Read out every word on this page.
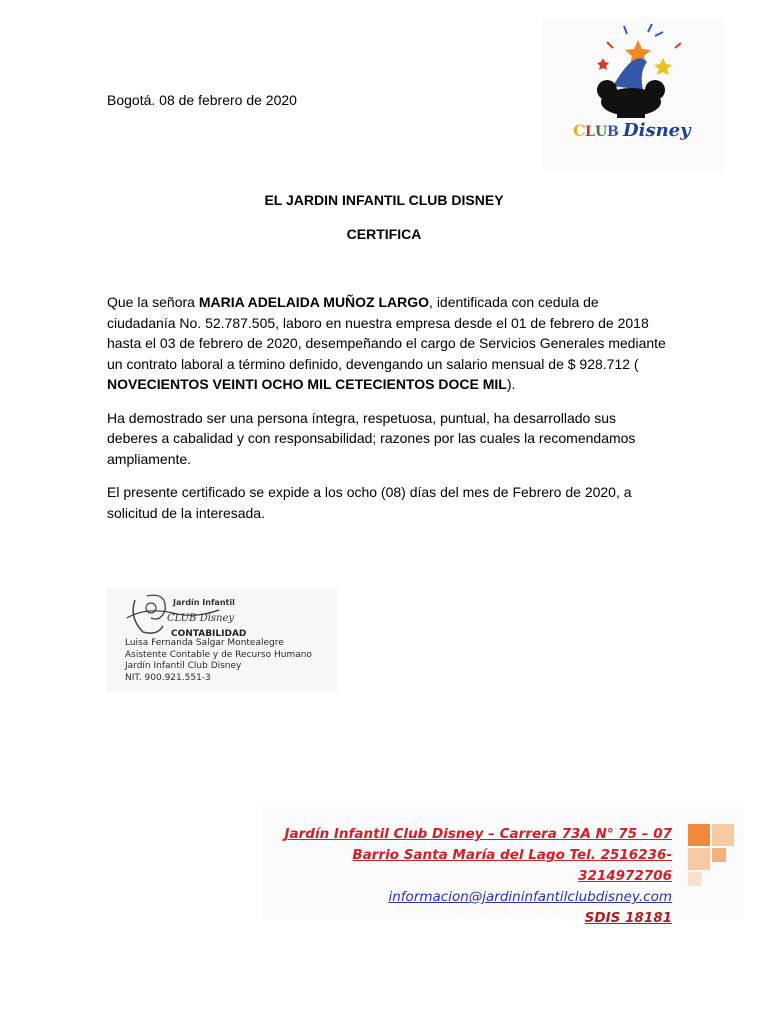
C L U B Disney
Bogotá. 08 de febrero de 2020
EL JARDIN INFANTIL CLUB DISNEY
CERTIFICA

Que la señora MARIA ADELAIDA MUÑOZ LARGO, identificada con cedula de ciudadanía No. 52.787.505, laboro en nuestra empresa desde el 01 de febrero de 2018 hasta el 03 de febrero de 2020, desempeñando el cargo de Servicios Generales mediante un contrato laboral a término definido, devengando un salario mensual de $ 928.712 ( NOVECIENTOS VEINTI OCHO MIL CETECIENTOS DOCE MIL).

Ha demostrado ser una persona íntegra, respetuosa, puntual, ha desarrollado sus deberes a cabalidad y con responsabilidad; razones por las cuales la recomendamos ampliamente.

El presente certificado se expide a los ocho (08) días del mes de Febrero de 2020, a solicitud de la interesada.

Jardín Infantil
CLUB Disney
CONTABILIDAD
Luisa Fernanda Salgar Montealegre
Asistente Contable y de Recurso Humano
Jardín Infantil Club Disney
NIT. 900.921.551-3
Jardín Infantil Club Disney – Carrera 73A N° 75 – 07
Barrio Santa María del Lago Tel. 2516236-3214972706
informacion@jardininfantilclubdisney.com
SDIS 18181
